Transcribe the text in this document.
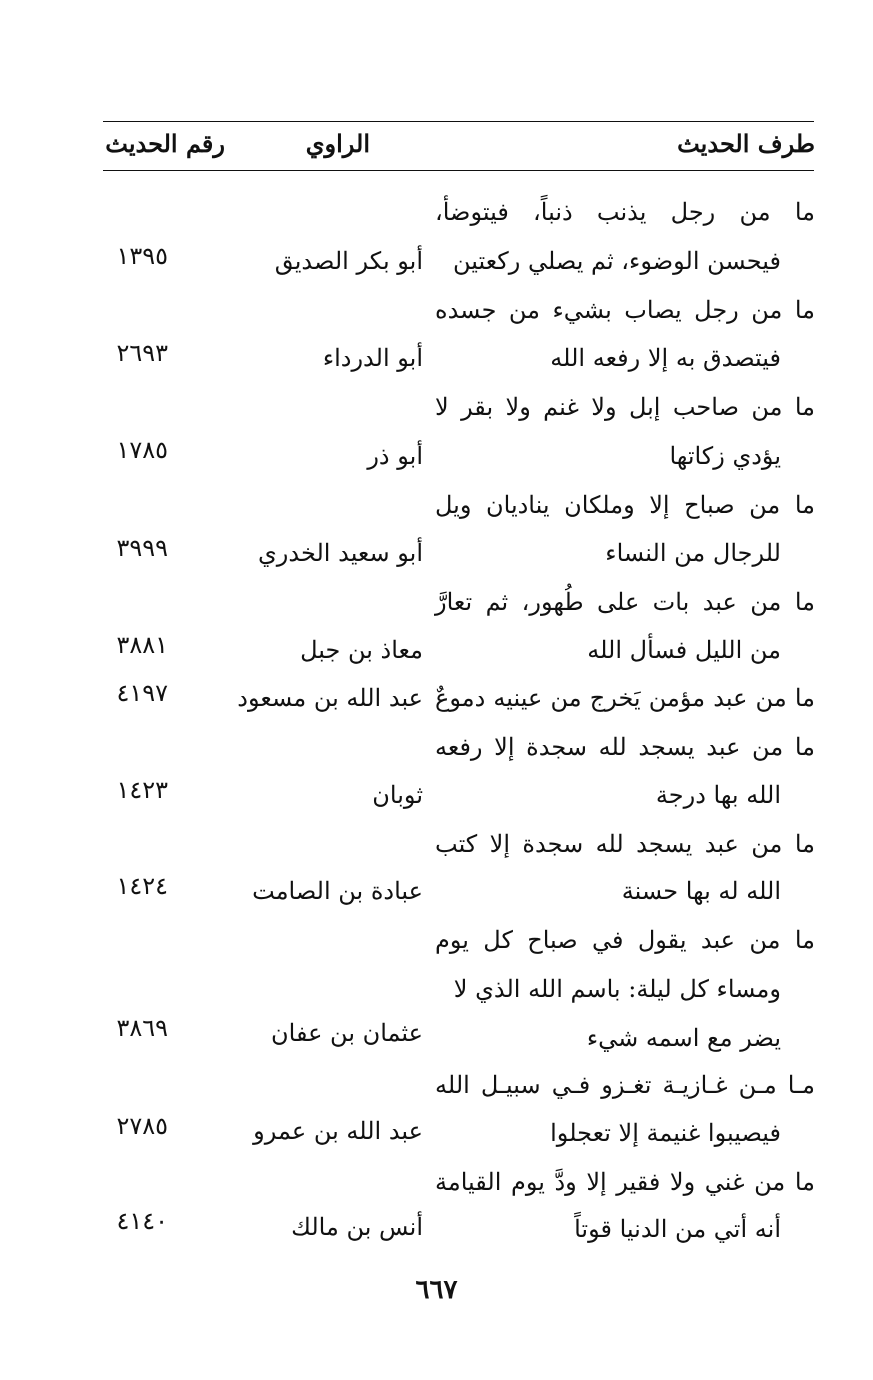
طرف الحديث
الراوي
رقم الحديث
ما من رجل يذنب ذنباً، فيتوضأ،
فيحسن الوضوء، ثم يصلي ركعتين
أبو بكر الصديق
١٣٩٥
ما من رجل يصاب بشيء من جسده
فيتصدق به إلا رفعه الله
أبو الدرداء
٢٦٩٣
ما من صاحب إبل ولا غنم ولا بقر لا
يؤدي زكاتها
أبو ذر
١٧٨٥
ما من صباح إلا وملكان يناديان ويل
للرجال من النساء
أبو سعيد الخدري
٣٩٩٩
ما من عبد بات على طُهور، ثم تعارَّ
من الليل فسأل الله
معاذ بن جبل
٣٨٨١
ما من عبد مؤمن يَخرج من عينيه دموعٌ
عبد الله بن مسعود
٤١٩٧
ما من عبد يسجد لله سجدة إلا رفعه
الله بها درجة
ثوبان
١٤٢٣
ما من عبد يسجد لله سجدة إلا كتب
الله له بها حسنة
عبادة بن الصامت
١٤٢٤
ما من عبد يقول في صباح كل يوم
ومساء كل ليلة: باسم الله الذي لا
يضر مع اسمه شيء
عثمان بن عفان
٣٨٦٩
مـا مـن غـازيـة تغـزو فـي سبيـل الله
فيصيبوا غنيمة إلا تعجلوا
عبد الله بن عمرو
٢٧٨٥
ما من غني ولا فقير إلا ودَّ يوم القيامة
أنه أتي من الدنيا قوتاً
أنس بن مالك
٤١٤٠
٦٦٧
